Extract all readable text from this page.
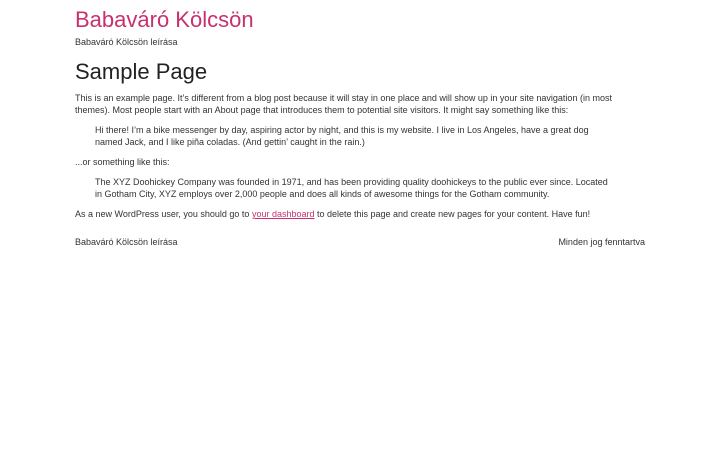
Babaváró Kölcsön
Babaváró Kölcsön leírása
Sample Page

This is an example page. It’s different from a blog post because it will stay in one place and will show up in your site navigation (in most themes). Most people start with an About page that introduces them to potential site visitors. It might say something like this:

Hi there! I’m a bike messenger by day, aspiring actor by night, and this is my website. I live in Los Angeles, have a great dog named Jack, and I like piña coladas. (And gettin’ caught in the rain.)

...or something like this:

The XYZ Doohickey Company was founded in 1971, and has been providing quality doohickeys to the public ever since. Located in Gotham City, XYZ employs over 2,000 people and does all kinds of awesome things for the Gotham community.

As a new WordPress user, you should go to your dashboard to delete this page and create new pages for your content. Have fun!

Babaváró Kölcsön leírása	Minden jog fenntartva
